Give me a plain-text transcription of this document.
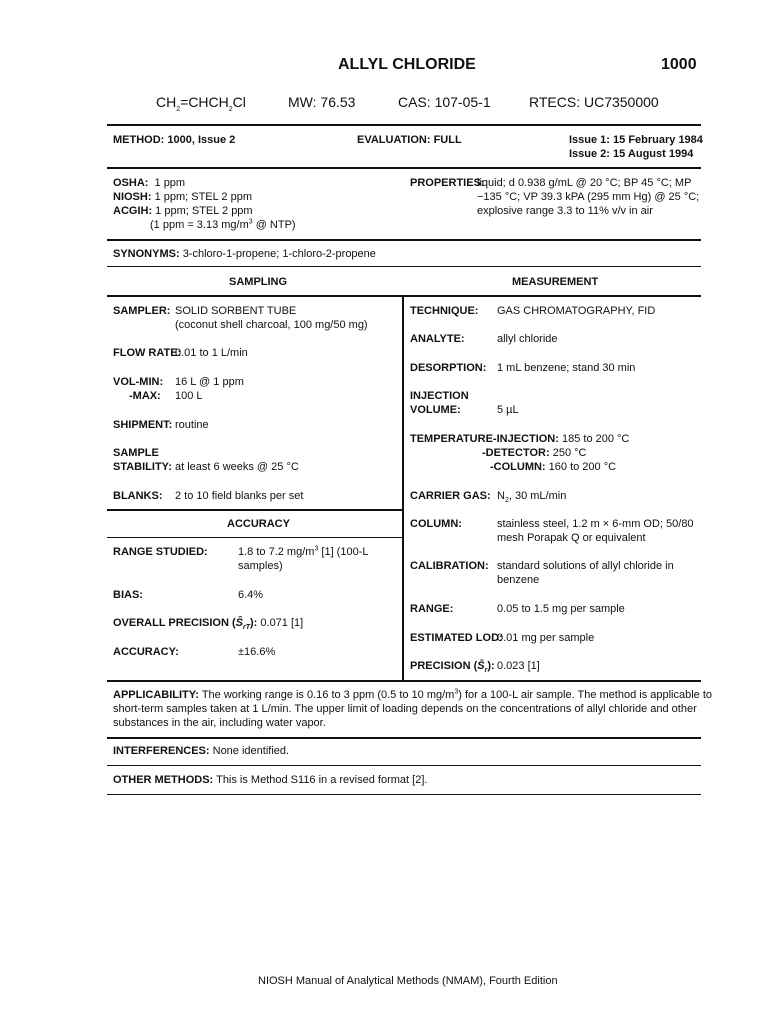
ALLYL CHLORIDE	1000
$CH_2=CHCH_2Cl$	MW: 76.53	CAS: 107-05-1	RTECS: UC7350000
METHOD: 1000, Issue 2	EVALUATION: FULL	Issue 1: 15 February 1984
Issue 2: 15 August 1994
OSHA: 1 ppm
NIOSH: 1 ppm; STEL 2 ppm
ACGIH: 1 ppm; STEL 2 ppm
(1 ppm = 3.13 $mg/m^3$ @ NTP)
PROPERTIES:
liquid; d 0.938 g/mL @ 20 °C; BP 45 °C; MP
−135 °C; VP 39.3 kPA (295 mm Hg) @ 25 °C;
explosive range 3.3 to 11% v/v in air
SYNONYMS: 3-chloro-1-propene; 1-chloro-2-propene
SAMPLING	MEASUREMENT
SAMPLER: SOLID SORBENT TUBE
(coconut shell charcoal, 100 mg/50 mg)
FLOW RATE:
0.01 to 1 L/min
VOL-MIN: 16 L @ 1 ppm
-MAX: 100 L
SHIPMENT: routine
SAMPLE
STABILITY: at least 6 weeks @ 25 °C
BLANKS: 2 to 10 field blanks per set
ACCURACY
RANGE STUDIED:	1.8 to 7.2 $mg/m^3$ [1] (100-L
samples)
BIAS:	6.4%
OVERALL PRECISION $(Ŝ_{rT})$: 0.071 [1]
ACCURACY:	±16.6%
TECHNIQUE: GAS CHROMATOGRAPHY, FID
ANALYTE:	allyl chloride
DESORPTION: 1 mL benzene; stand 30 min
INJECTION
VOLUME:	5 µL
TEMPERATURE-INJECTION: 185 to 200 °C
-DETECTOR: 250 °C
-COLUMN: 160 to 200 °C
CARRIER GAS: $N_2$, 30 mL/min
COLUMN:	stainless steel, 1.2 m × 6-mm OD; 50/80
mesh Porapak Q or equivalent
CALIBRATION: standard solutions of allyl chloride in
benzene
RANGE:	0.05 to 1.5 mg per sample
ESTIMATED LOD:
0.01 mg per sample
PRECISION $(S̄_r)$: 0.023 [1]
APPLICABILITY: The working range is 0.16 to 3 ppm (0.5 to 10 $mg/m^3$) for a 100-L air sample. The method is applicable to
short-term samples taken at 1 L/min. The upper limit of loading depends on the concentrations of allyl chloride and other
substances in the air, including water vapor.
INTERFERENCES: None identified.
OTHER METHODS: This is Method S116 in a revised format [2].
NIOSH Manual of Analytical Methods (NMAM), Fourth Edition
